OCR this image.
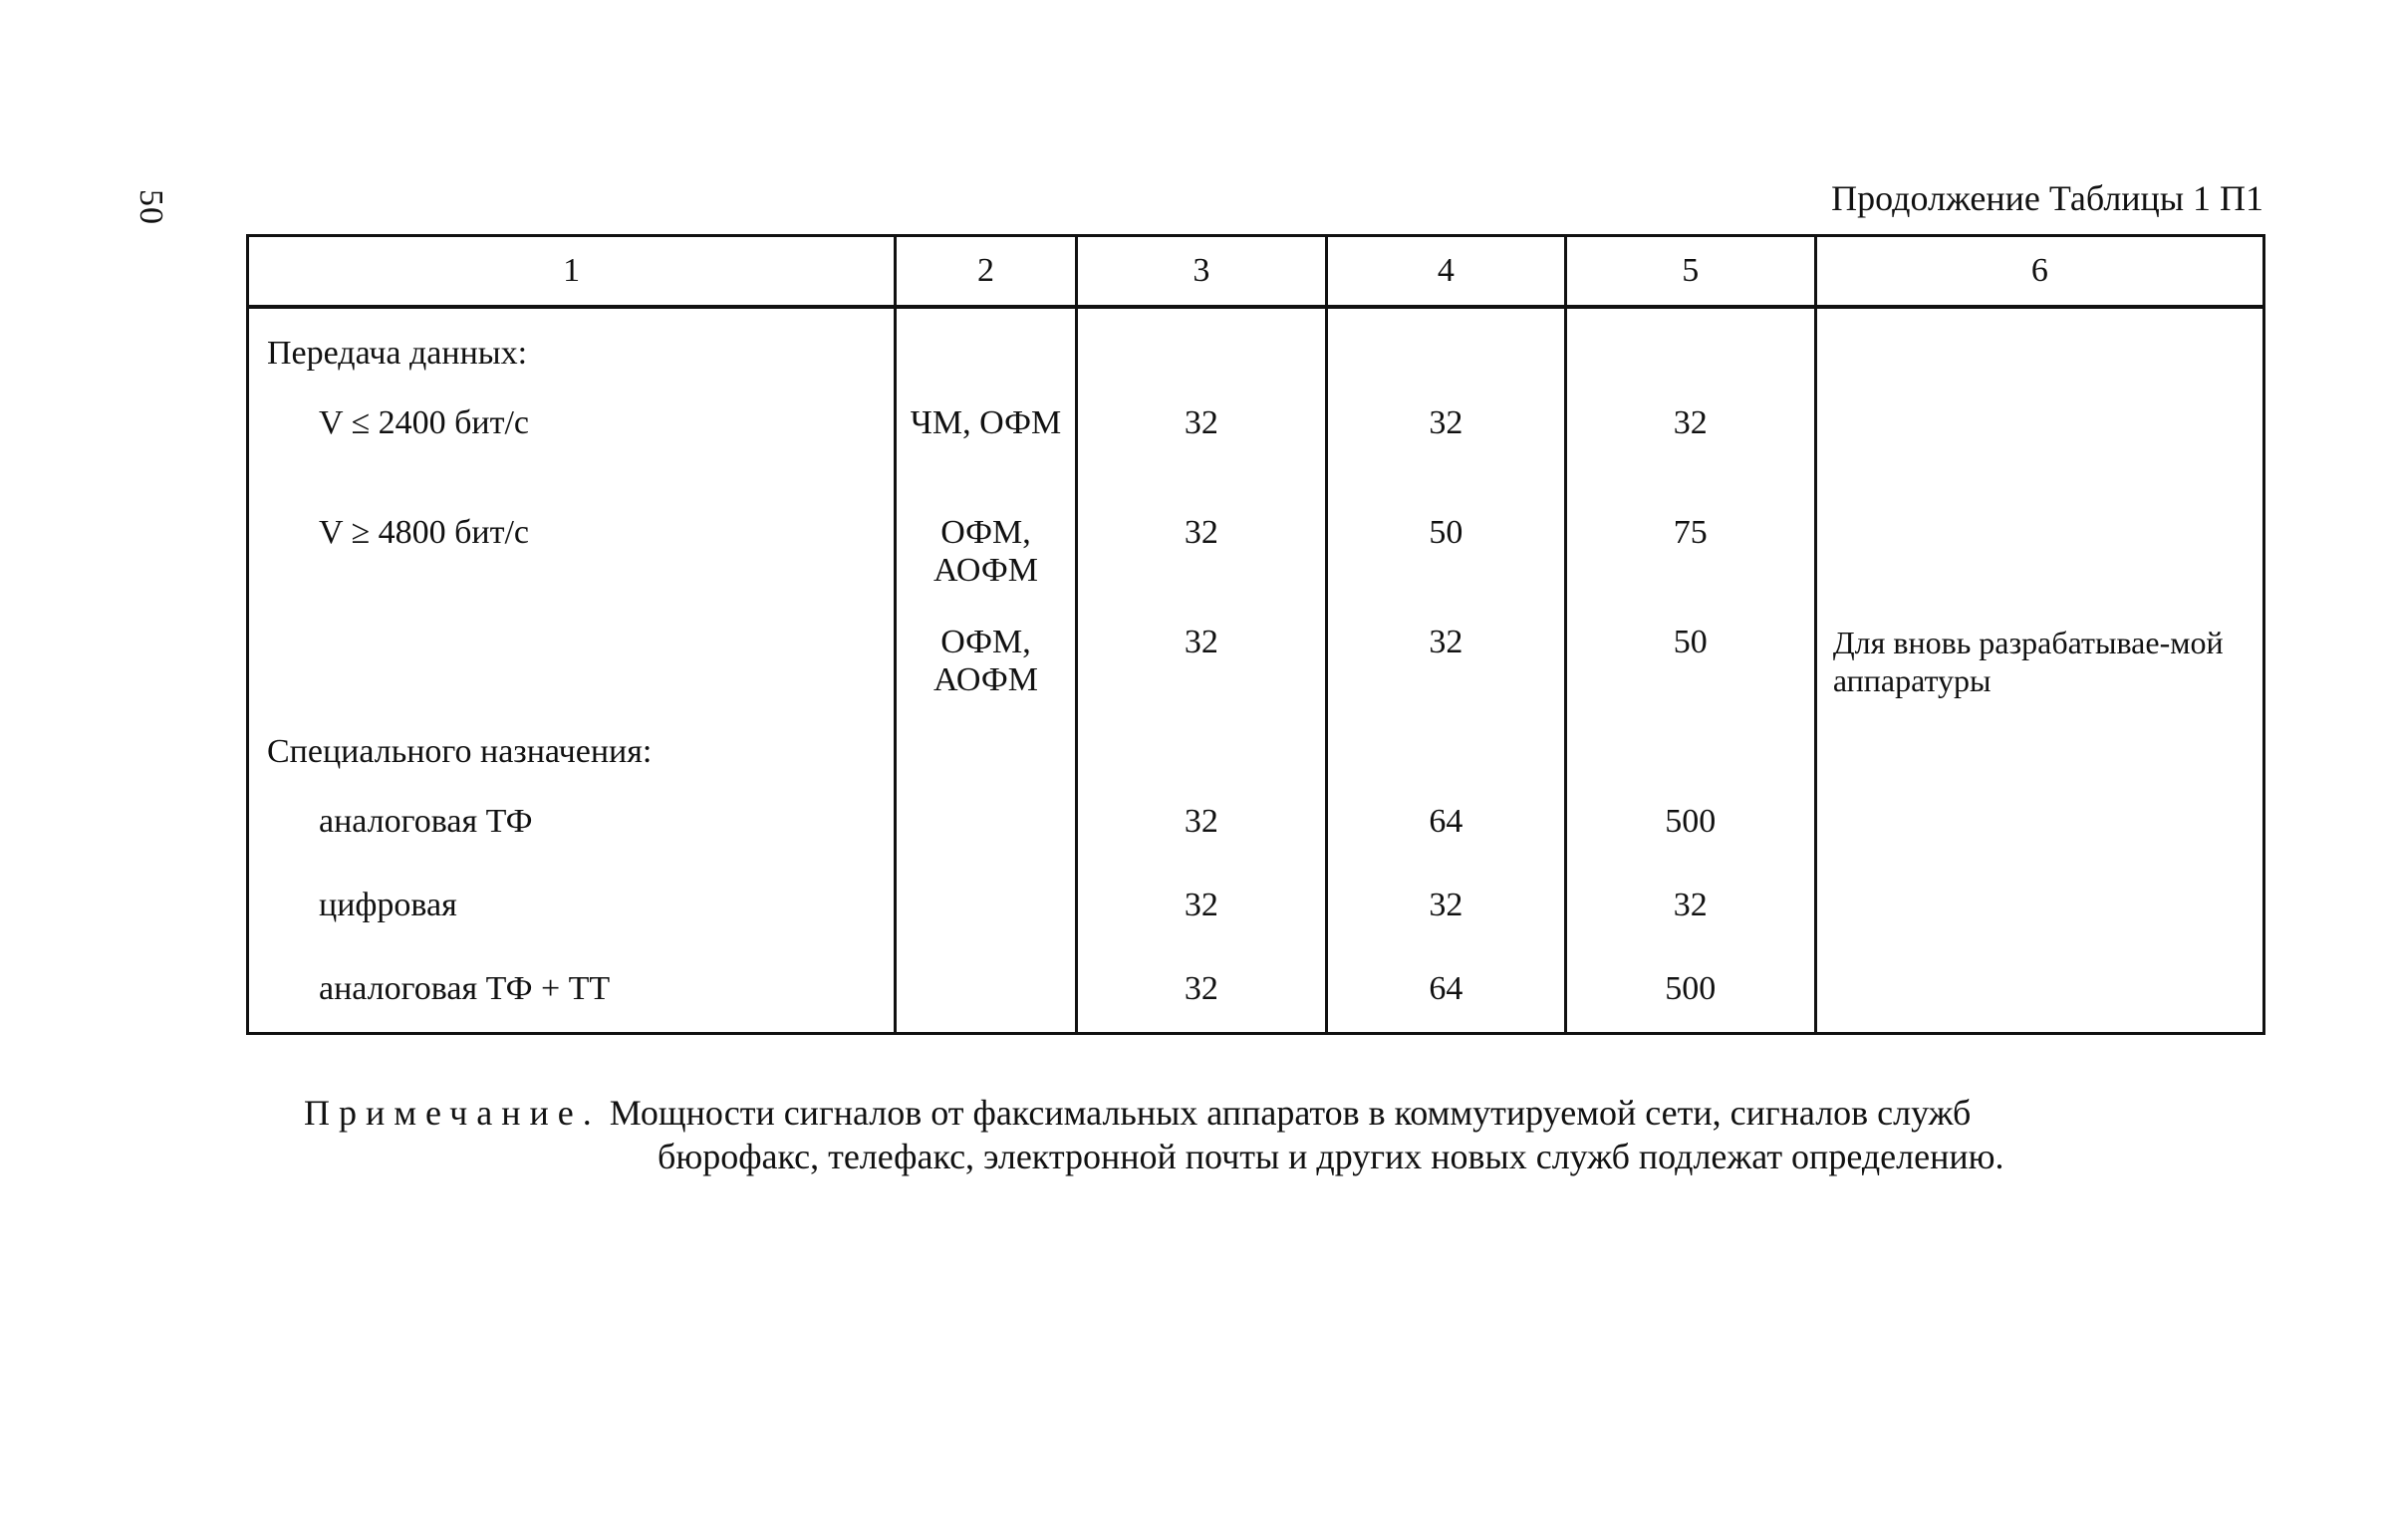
50	Продолжение Таблицы 1 П1
1	2	3	4	5	6
Передача данных:					
V ≤ 2400 бит/с	ЧМ, ОФМ	32	32	32	
V ≥ 4800 бит/с	ОФМ, АОФМ	32	50	75	
	ОФМ, АОФМ	32	32	50	Для вновь разрабатывае-мой аппаратуры
Специального назначения:					
аналоговая ТФ		32	64	500	
цифровая		32	32	32	
аналоговая ТФ + ТТ		32	64	500	
Примечание. Мощности сигналов от факсимальных аппаратов в коммутируемой сети, сигналов служб
бюрофакс, телефакс, электронной почты и других новых служб подлежат определению.
